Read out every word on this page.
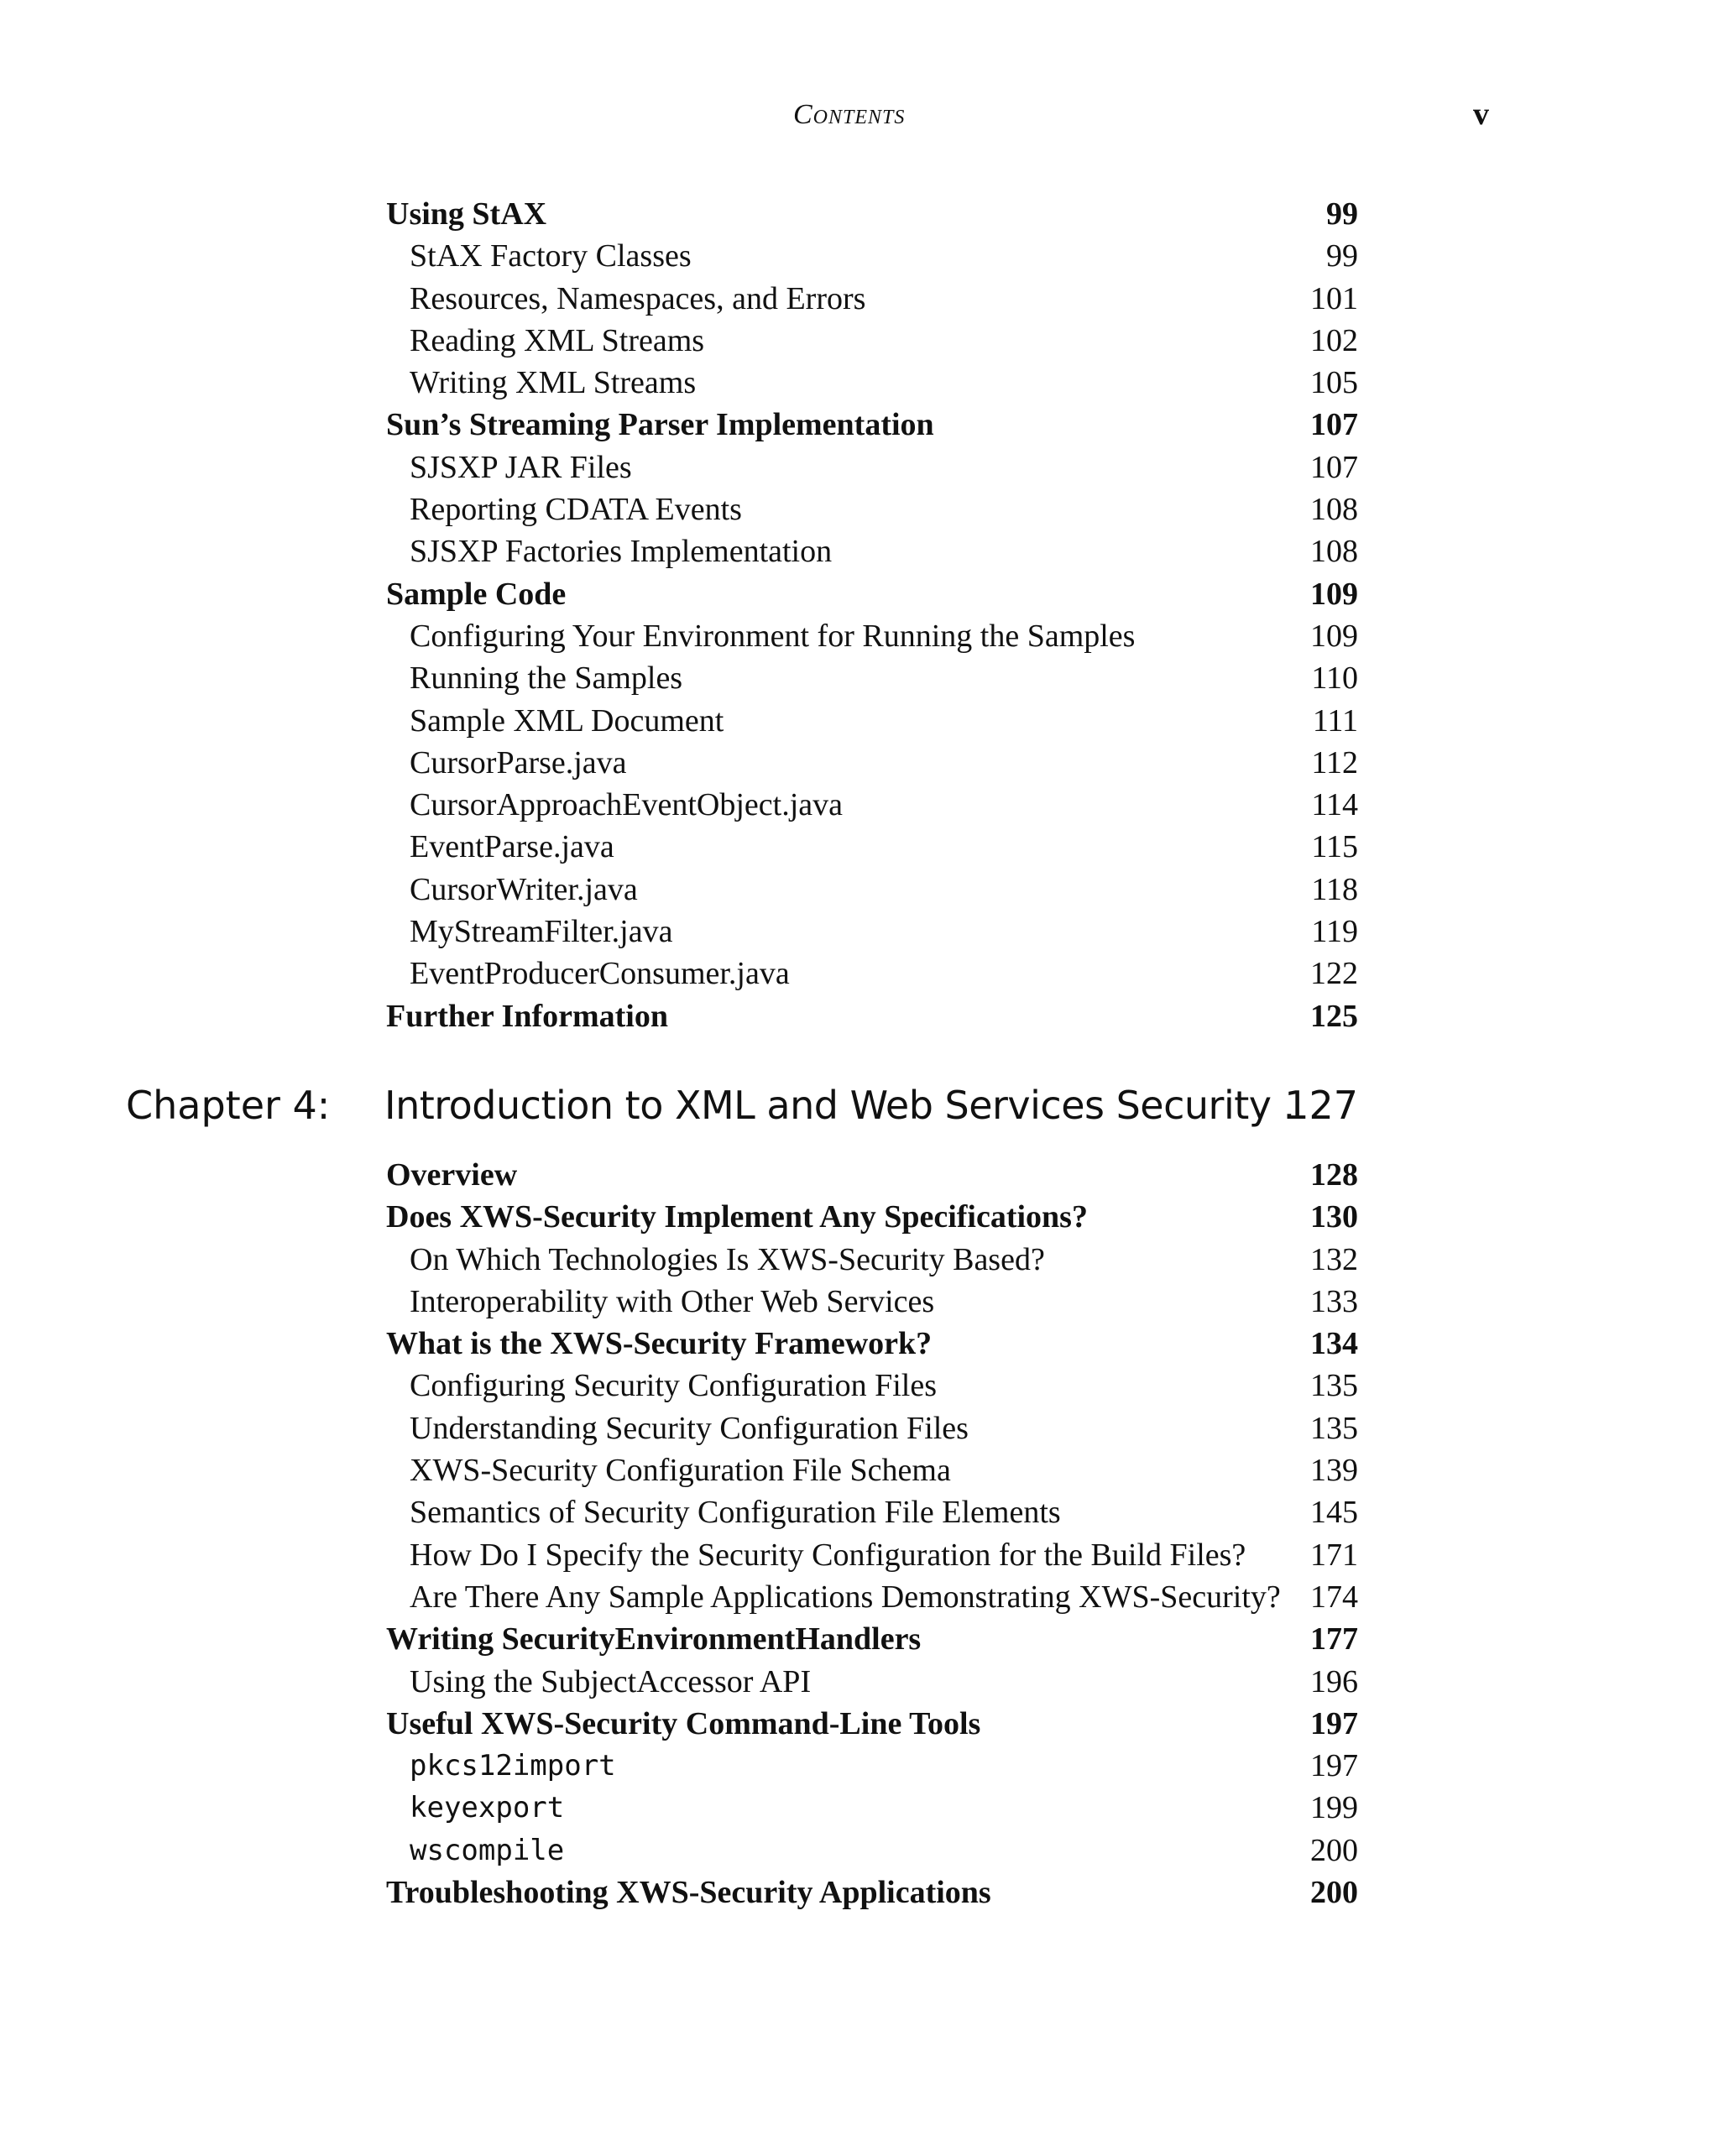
Contents	v
Using StAX	99
StAX Factory Classes	99
Resources, Namespaces, and Errors	101
Reading XML Streams	102
Writing XML Streams	105
Sun’s Streaming Parser Implementation	107
SJSXP JAR Files	107
Reporting CDATA Events	108
SJSXP Factories Implementation	108
Sample Code	109
Configuring Your Environment for Running the Samples	109
Running the Samples	110
Sample XML Document	111
CursorParse.java	112
CursorApproachEventObject.java	114
EventParse.java	115
CursorWriter.java	118
MyStreamFilter.java	119
EventProducerConsumer.java	122
Further Information	125
Chapter 4: Introduction to XML and Web Services Security .
127
Overview	128
Does XWS-Security Implement Any Specifications?	130
On Which Technologies Is XWS-Security Based?	132
Interoperability with Other Web Services	133
What is the XWS-Security Framework?	134
Configuring Security Configuration Files	135
Understanding Security Configuration Files	135
XWS-Security Configuration File Schema	139
Semantics of Security Configuration File Elements	145
How Do I Specify the Security Configuration for the Build Files? 171
Are There Any Sample Applications Demonstrating XWS-Security? 174
Writing SecurityEnvironmentHandlers	177
Using the SubjectAccessor API	196
Useful XWS-Security Command-Line Tools	197
pkcs12import	197
keyexport	199
wscompile	200
Troubleshooting XWS-Security Applications	200
